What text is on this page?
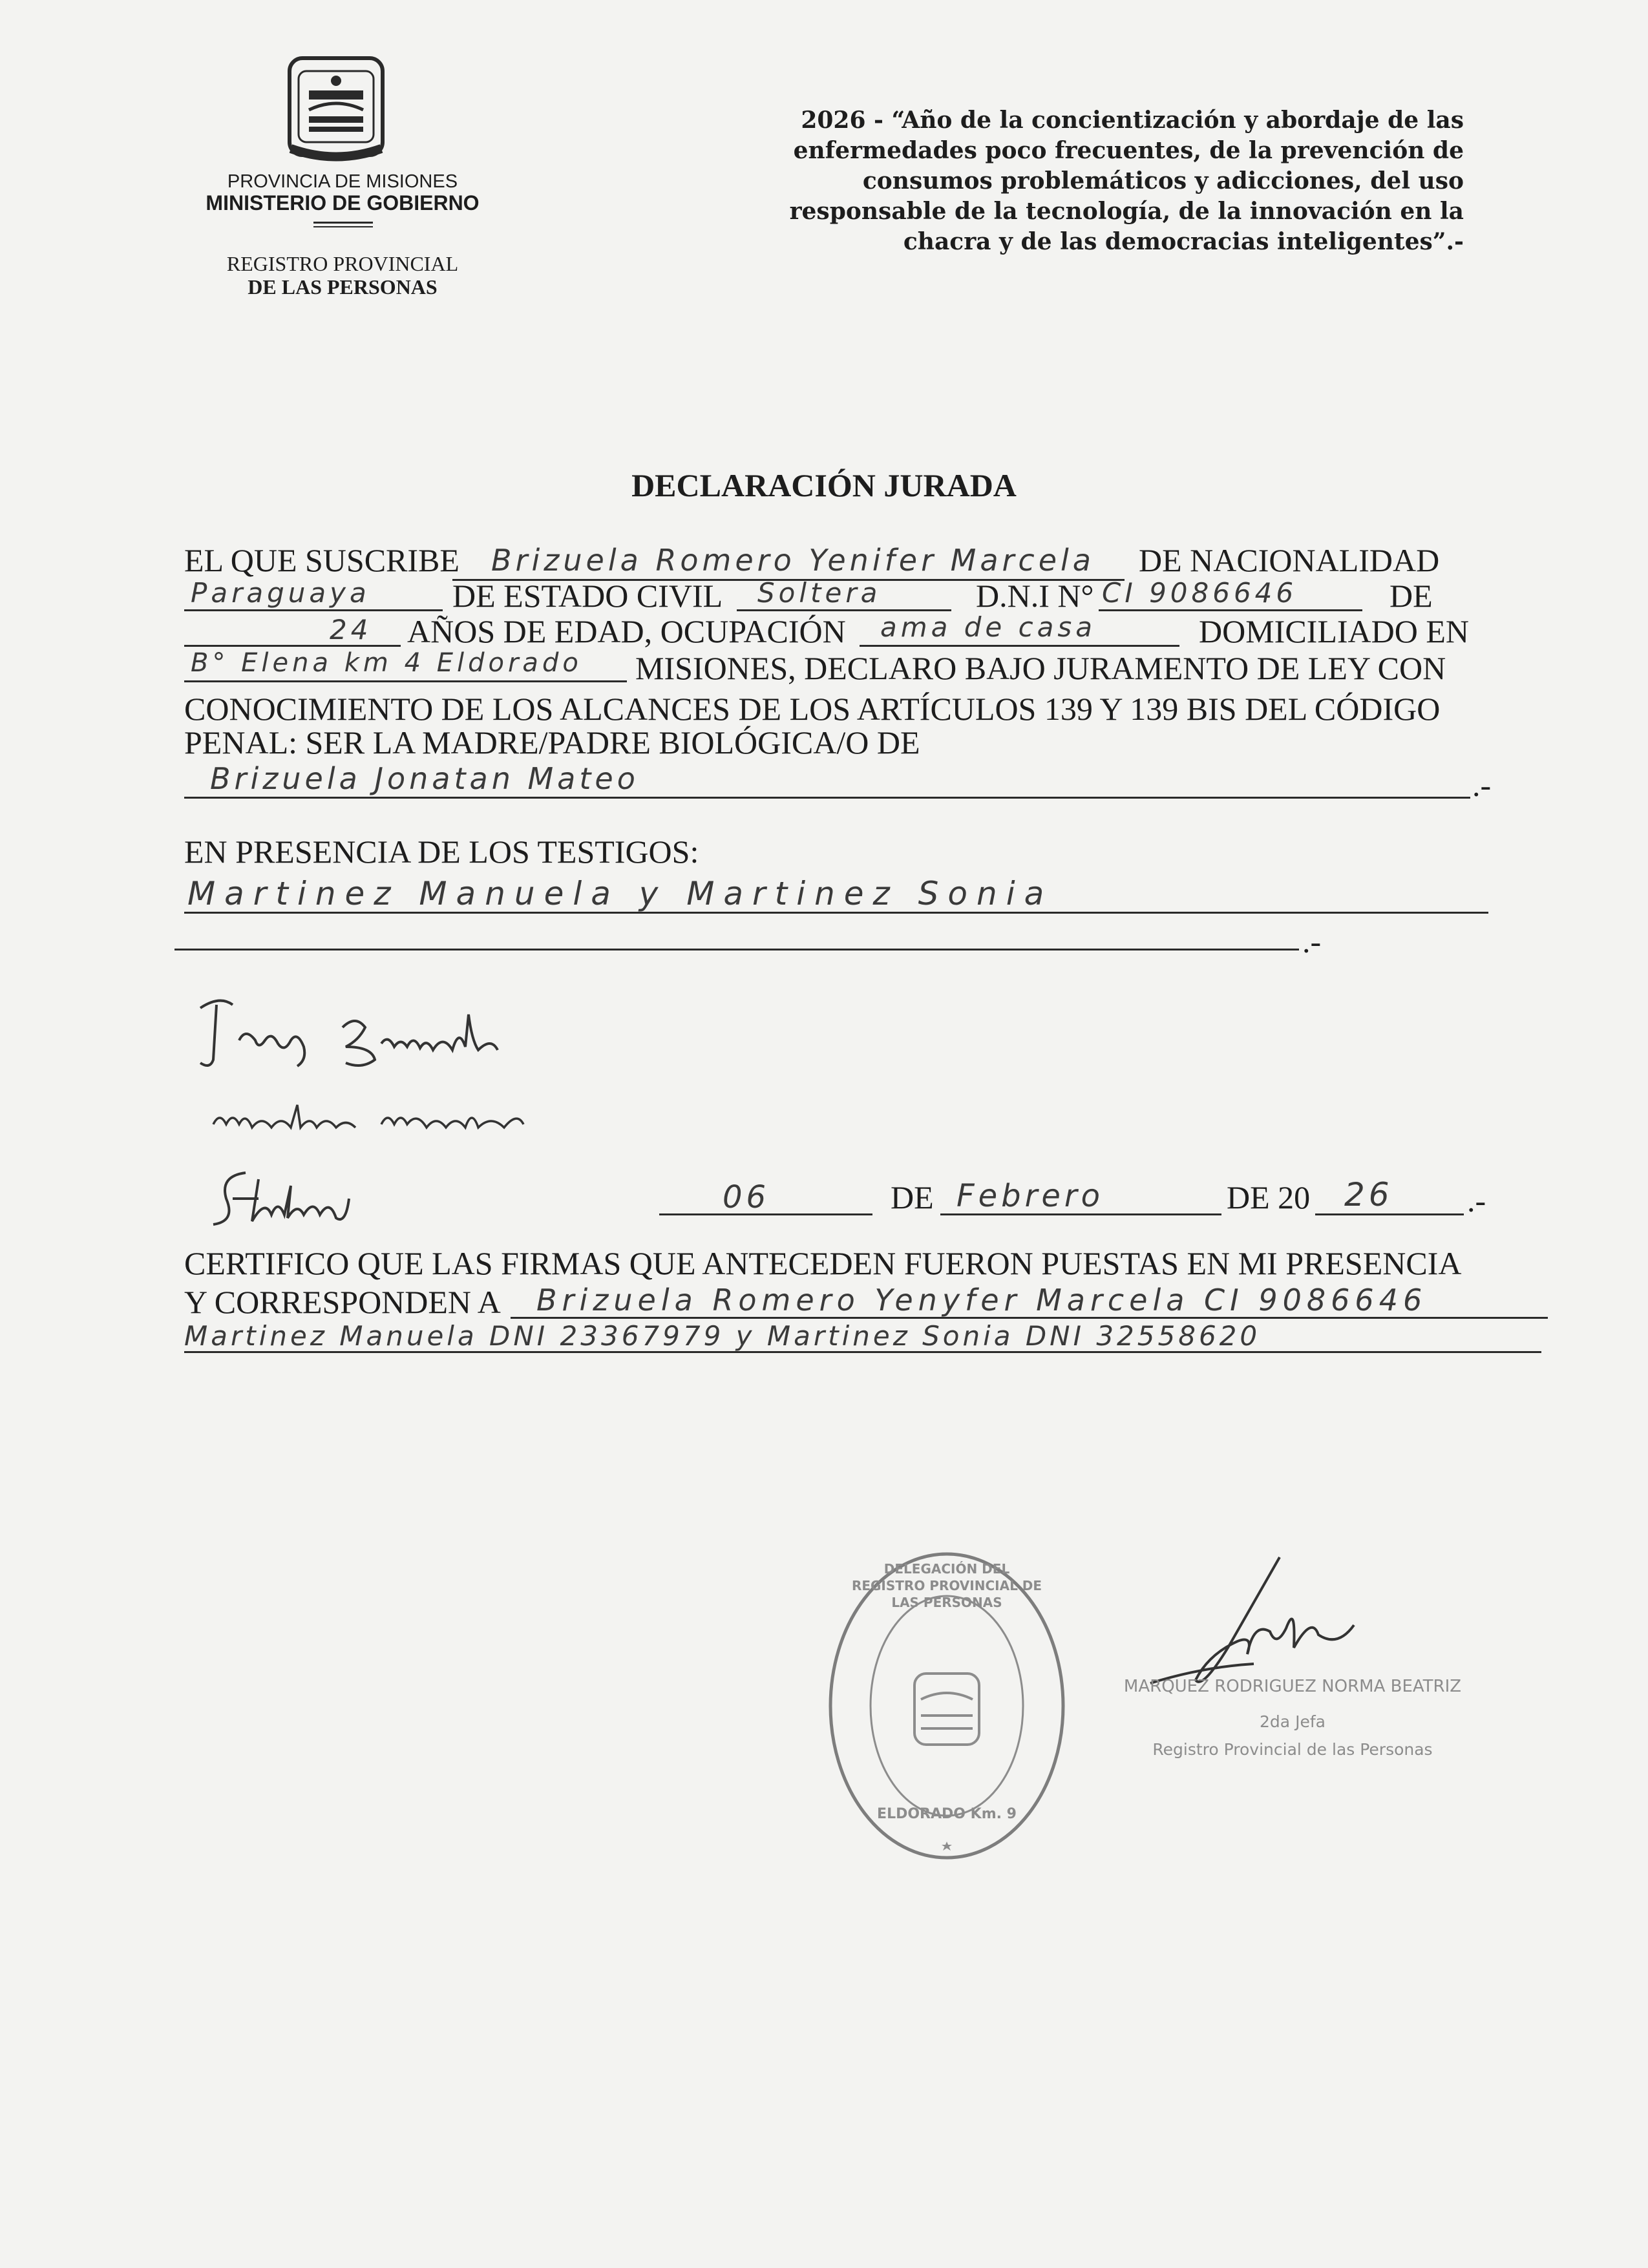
PROVINCIA DE MISIONES
MINISTERIO DE GOBIERNO
REGISTRO PROVINCIAL
DE LAS PERSONAS
2026 - “Año de la concientización y abordaje de las
enfermedades poco frecuentes, de la prevención de
consumos problemáticos y adicciones, del uso
responsable de la tecnología, de la innovación en la
chacra y de las democracias inteligentes”.-
DECLARACIÓN JURADA
EL QUE SUSCRIBE Brizuela Romero Yenifer Marcela DE NACIONALIDAD
Paraguaya	DE ESTADO CIVIL Soltera	D.N.I N° CI 9086646	DE
24 AÑOS DE EDAD, OCUPACIÓN ama de casa	DOMICILIADO EN
B° Elena km 4 Eldorado MISIONES, DECLARO BAJO JURAMENTO DE LEY CON
CONOCIMIENTO DE LOS ALCANCES DE LOS ARTÍCULOS 139 Y 139 BIS DEL CÓDIGO
PENAL: SER LA MADRE/PADRE BIOLÓGICA/O DE
Brizuela Jonatan Mateo	.-
EN PRESENCIA DE LOS TESTIGOS:
Martinez Manuela y Martinez Sonia
.-
06	DE Febrero	DE 20 26 .-
CERTIFICO QUE LAS FIRMAS QUE ANTECEDEN FUERON PUESTAS EN MI PRESENCIA
Y CORRESPONDEN A Brizuela Romero Yenyfer Marcela CI 9086646
Martinez Manuela DNI 23367979 y Martinez Sonia DNI 32558620
DELEGACIÓN DEL REGISTRO PROVINCIAL DE LAS PERSONAS
ELDORADO Km. 9
MARQUEZ RODRIGUEZ NORMA BEATRIZ
2da Jefa
Registro Provincial de las Personas
